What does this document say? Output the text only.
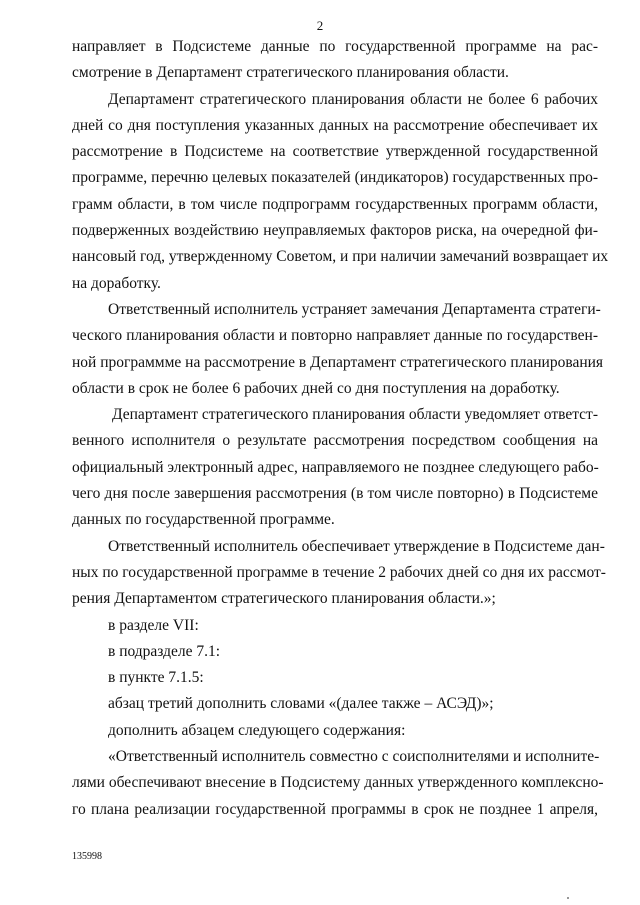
2
направляет в Подсистеме данные по государственной программе на рас-
смотрение в Департамент стратегического планирования области.
Департамент стратегического планирования области не более 6 рабочих
дней со дня поступления указанных данных на рассмотрение обеспечивает их
рассмотрение в Подсистеме на соответствие утвержденной государственной
программе, перечню целевых показателей (индикаторов) государственных про-
грамм области, в том числе подпрограмм государственных программ области,
подверженных воздействию неуправляемых факторов риска, на очередной фи-
нансовый год, утвержденному Советом, и при наличии замечаний возвращает их
на доработку.
Ответственный исполнитель устраняет замечания Департамента стратеги-
ческого планирования области и повторно направляет данные по государствен-
ной программме на рассмотрение в Департамент стратегического планирования
области в срок не более 6 рабочих дней со дня поступления на доработку.
Департамент стратегического планирования области уведомляет ответст-
венного исполнителя о результате рассмотрения посредством сообщения на
официальный электронный адрес, направляемого не позднее следующего рабо-
чего дня после завершения рассмотрения (в том числе повторно) в Подсистеме
данных по государственной программе.
Ответственный исполнитель обеспечивает утверждение в Подсистеме дан-
ных по государственной программе в течение 2 рабочих дней со дня их рассмот-
рения Департаментом стратегического планирования области.»;
в разделе VII:
в подразделе 7.1:
в пункте 7.1.5:
абзац третий дополнить словами «(далее также – АСЭД)»;
дополнить абзацем следующего содержания:
«Ответственный исполнитель совместно с соисполнителями и исполните-
лями обеспечивают внесение в Подсистему данных утвержденного комплексно-
го плана реализации государственной программы в срок не позднее 1 апреля,
135998
